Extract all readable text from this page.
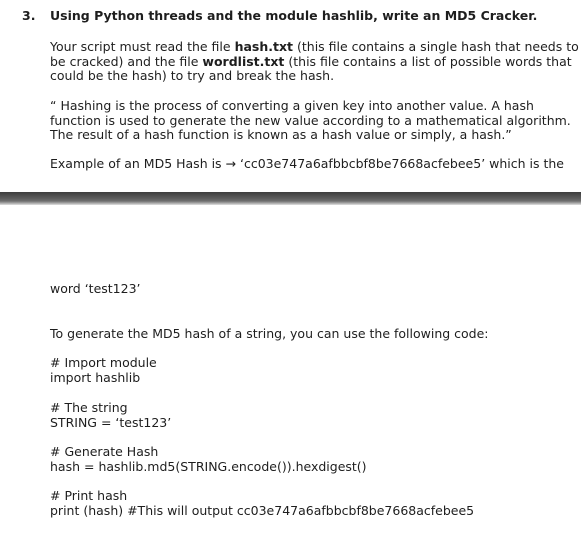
3. Using Python threads and the module hashlib, write an MD5 Cracker.

Your script must read the file hash.txt (this file contains a single hash that needs to
be cracked) and the file wordlist.txt (this file contains a list of possible words that
could be the hash) to try and break the hash.

“ Hashing is the process of converting a given key into another value. A hash
function is used to generate the new value according to a mathematical algorithm.
The result of a hash function is known as a hash value or simply, a hash.”

Example of an MD5 Hash is → ‘cc03e747a6afbbcbf8be7668acfebee5’ which is the

word ‘test123’

To generate the MD5 hash of a string, you can use the following code:

# Import module
import hashlib

# The string
STRING = ‘test123’

# Generate Hash
hash = hashlib.md5(STRING.encode()).hexdigest()

# Print hash
print (hash) #This will output cc03e747a6afbbcbf8be7668acfebee5
